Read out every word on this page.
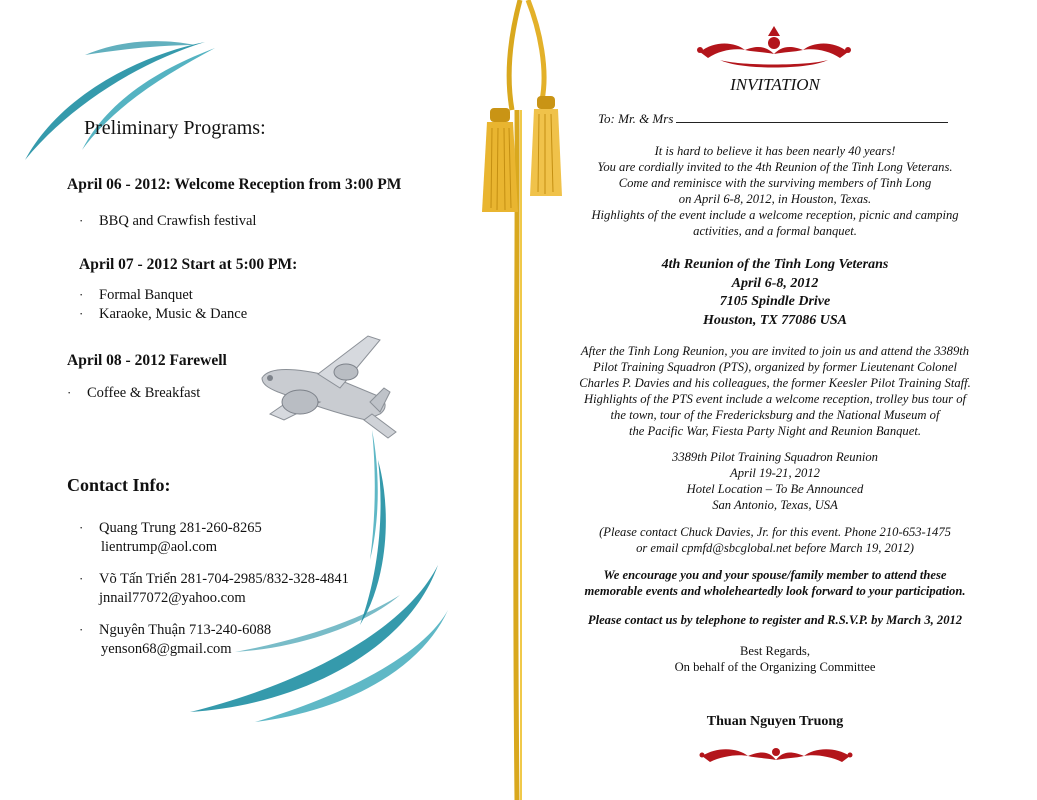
Preliminary Programs:
April 06 - 2012: Welcome Reception from 3:00 PM
· BBQ and Crawfish festival
April 07 - 2012 Start at 5:00 PM:
· Formal Banquet
· Karaoke, Music & Dance
April 08 - 2012 Farewell
· Coffee & Breakfast
Contact Info:
· Quang Trung 281-260-8265
lientrump@aol.com
· Võ Tấn Triển 281-704-2985/832-328-4841
jnnail77072@yahoo.com
· Nguyên Thuận 713-240-6088
yenson68@gmail.com
INVITATION
To: Mr. & Mrs
It is hard to believe it has been nearly 40 years!
You are cordially invited to the 4th Reunion of the Tinh Long Veterans.
Come and reminisce with the surviving members of Tinh Long
on April 6-8, 2012, in Houston, Texas.
Highlights of the event include a welcome reception, picnic and camping
activities, and a formal banquet.
4th Reunion of the Tinh Long Veterans
April 6-8, 2012
7105 Spindle Drive
Houston, TX 77086 USA
After the Tinh Long Reunion, you are invited to join us and attend the 3389th
Pilot Training Squadron (PTS), organized by former Lieutenant Colonel
Charles P. Davies and his colleagues, the former Keesler Pilot Training Staff.
Highlights of the PTS event include a welcome reception, trolley bus tour of
the town, tour of the Fredericksburg and the National Museum of
the Pacific War, Fiesta Party Night and Reunion Banquet.
3389th Pilot Training Squadron Reunion
April 19-21, 2012
Hotel Location – To Be Announced
San Antonio, Texas, USA
(Please contact Chuck Davies, Jr. for this event. Phone 210-653-1475
or email cpmfd@sbcglobal.net before March 19, 2012)
We encourage you and your spouse/family member to attend these
memorable events and wholeheartedly look forward to your participation.
Please contact us by telephone to register and R.S.V.P. by March 3, 2012
Best Regards,
On behalf of the Organizing Committee
Thuan Nguyen Truong
